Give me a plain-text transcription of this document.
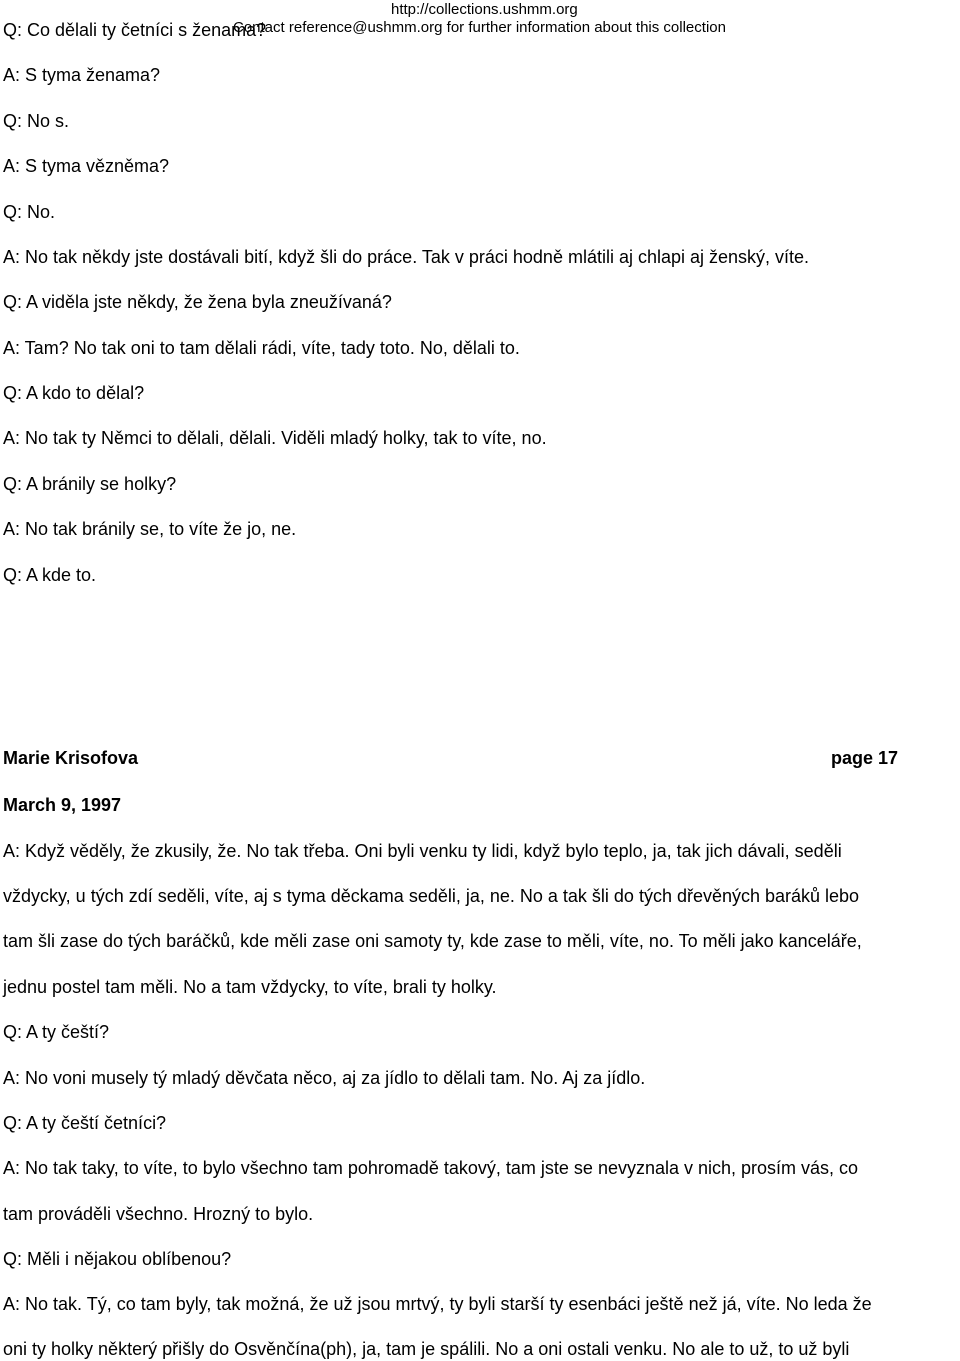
http://collections.ushmm.org
Contact reference@ushmm.org for further information about this collection
Q: Co dělali ty četníci s ženama?
A: S tyma ženama?
Q: No s.
A: S tyma vězněma?
Q: No.
A: No tak někdy jste dostávali bití, když šli do práce. Tak v práci hodně mlátili aj chlapi aj ženský, víte.
Q: A viděla jste někdy, že žena byla zneužívaná?
A: Tam? No tak oni to tam dělali rádi, víte, tady toto. No, dělali to.
Q: A kdo to dělal?
A: No tak ty Němci to dělali, dělali. Viděli mladý holky, tak to víte, no.
Q: A bránily se holky?
A: No tak bránily se, to víte že jo, ne.
Q: A kde to.
Marie Krisofova	page 17
March 9, 1997
A: Když věděly, že zkusily, že. No tak třeba. Oni byli venku ty lidi, když bylo teplo, ja, tak jich dávali, seděli
vždycky, u tých zdí seděli, víte, aj s tyma děckama seděli, ja, ne. No a tak šli do tých dřevěných baráků lebo
tam šli zase do tých baráčků, kde měli zase oni samoty ty, kde zase to měli, víte, no. To měli jako kanceláře,
jednu postel tam měli. No a tam vždycky, to víte, brali ty holky.
Q: A ty čeští?
A: No voni musely tý mladý děvčata něco, aj za jídlo to dělali tam. No. Aj za jídlo.
Q: A ty čeští četníci?
A: No tak taky, to víte, to bylo všechno tam pohromadě takový, tam jste se nevyznala v nich, prosím vás, co
tam prováděli všechno. Hrozný to bylo.
Q: Měli i nějakou oblíbenou?
A: No tak. Tý, co tam byly, tak možná, že už jsou mrtvý, ty byli starší ty esenbáci ještě než já, víte. No leda že
oni ty holky některý přišly do Osvěnčína(ph), ja, tam je spálili. No a oni ostali venku. No ale to už, to už byli
